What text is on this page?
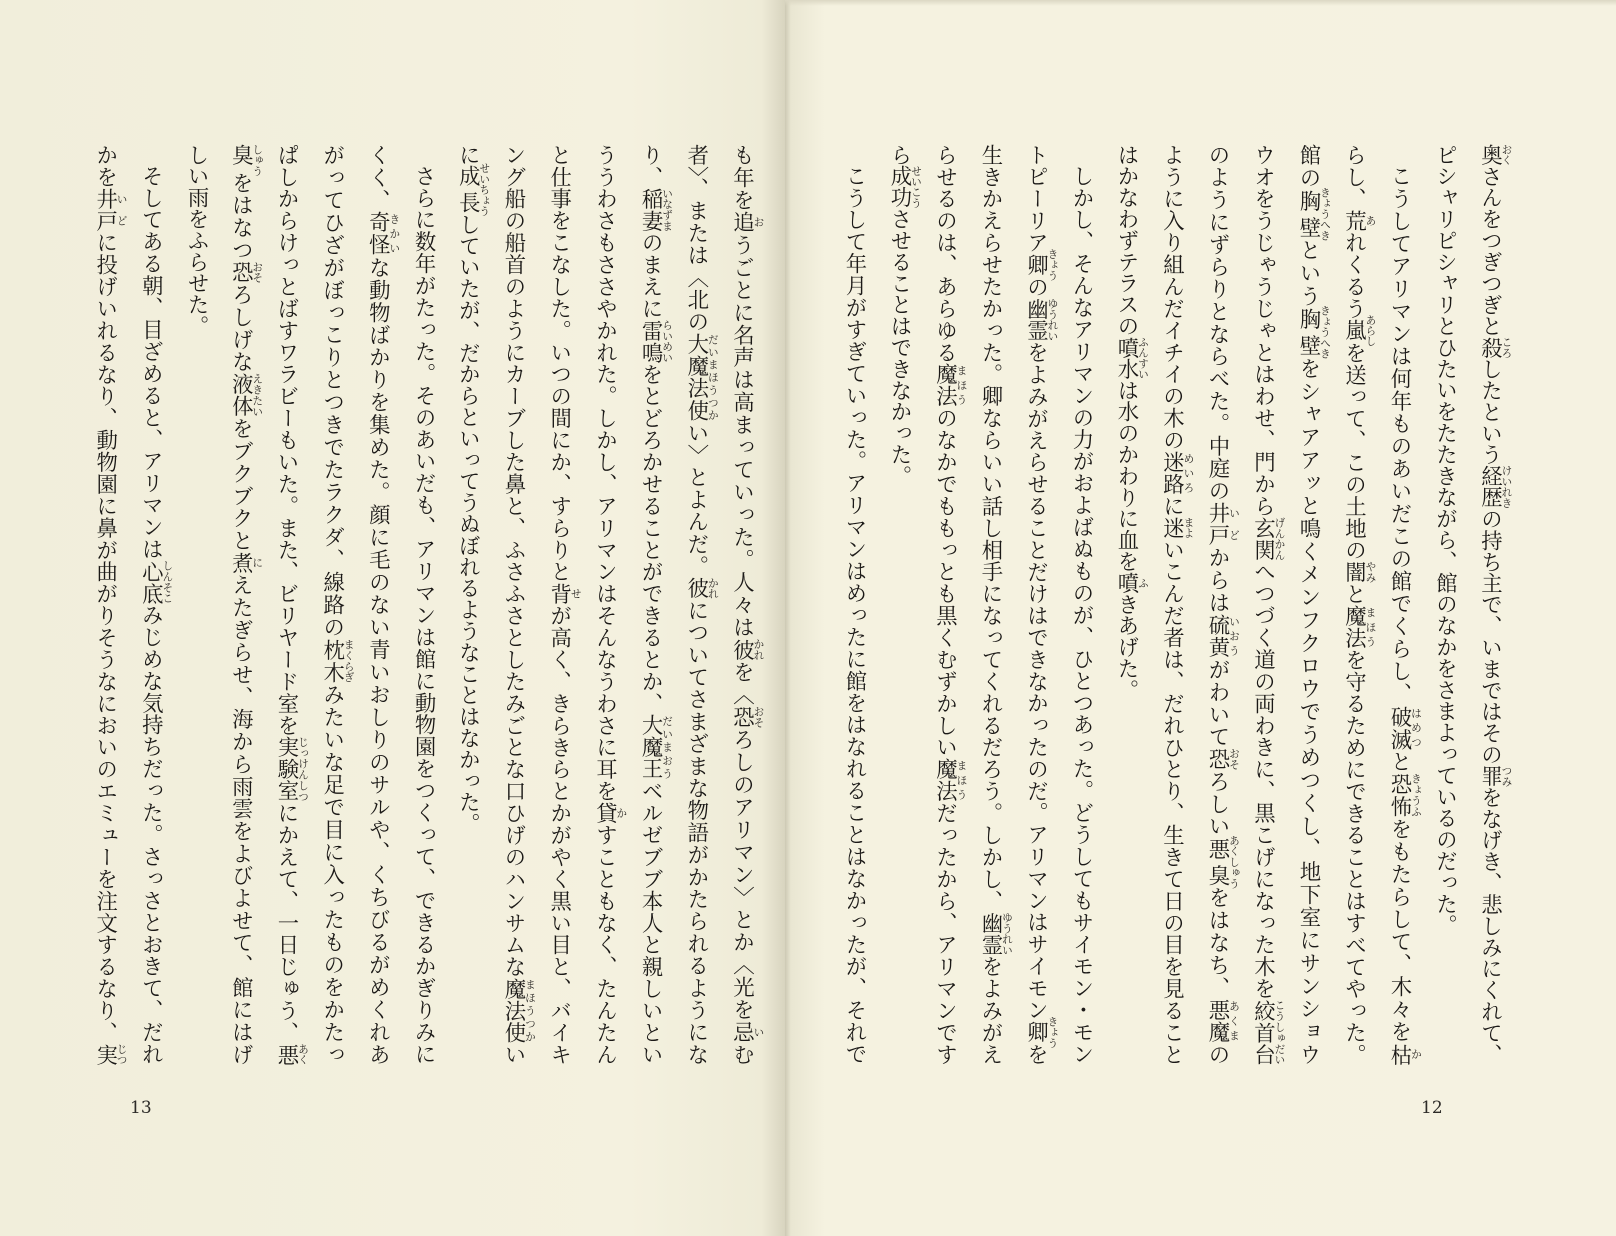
も年を追おうごとに名声は高まっていった。人々は彼かれを〈恐おそろしのアリマン〉とか〈光を忌いむ
者〉、または〈北の大魔法使だいまほうつかい〉とよんだ。彼かれについてさまざまな物語がかたられるようにな
り、稲妻いなずまのまえに雷鳴らいめいをとどろかせることができるとか、大魔王だいまおうベルゼブブ本人と親しいとい
ううわさもささやかれた。しかし、アリマンはそんなうわさに耳を貸かすこともなく、たんたん
と仕事をこなした。いつの間にか、すらりと背せが高く、きらきらとかがやく黒い目と、バイキ
ング船の船首のようにカーブした鼻と、ふさふさとしたみごとな口ひげのハンサムな魔法使まほうつかい
に成長せいちょうしていたが、だからといってうぬぼれるようなことはなかった。
さらに数年がたった。そのあいだも、アリマンは館に動物園をつくって、できるかぎりみに
くく、奇怪きかいな動物ばかりを集めた。顔に毛のない青いおしりのサルや、くちびるがめくれあ
がってひざがぼっこりとつきでたラクダ、線路の枕木まくらぎみたいな足で目に入ったものをかたっ
ぱしからけっとばすワラビーもいた。また、ビリヤード室を実験室じっけんしつにかえて、一日じゅう、悪あく
臭しゅうをはなつ恐おそろしげな液体えきたいをブクブクと煮にえたぎらせ、海から雨雲をよびよせて、館にはげ
しい雨をふらせた。
そしてある朝、目ざめると、アリマンは心底しんそこみじめな気持ちだった。さっさとおきて、だれ
かを井戸いどに投げいれるなり、動物園に鼻が曲がりそうなにおいのエミューを注文するなり、実じつ
13
奥おくさんをつぎつぎと殺ころしたという経歴けいれきの持ち主で、いまではその罪つみをなげき、悲しみにくれて、
ピシャリピシャリとひたいをたたきながら、館のなかをさまよっているのだった。
こうしてアリマンは何年ものあいだこの館でくらし、破滅はめつと恐怖きょうふをもたらして、木々を枯か
らし、荒あれくるう嵐あらしを送って、この土地の闇やみと魔法まほうを守るためにできることはすべてやった。
館の胸壁きょうへきという胸壁きょうへきをシャアアッと鳴くメンフクロウでうめつくし、地下室にサンショウ
ウオをうじゃうじゃとはわせ、門から玄関げんかんへつづく道の両わきに、黒こげになった木を絞首台こうしゅだい
のようにずらりとならべた。中庭の井戸いどからは硫黄いおうがわいて恐おそろしい悪臭あくしゅうをはなち、悪魔あくまの
ように入り組んだイチイの木の迷路めいろに迷まよいこんだ者は、だれひとり、生きて日の目を見ること
はかなわずテラスの噴水ふんすいは水のかわりに血を噴ふきあげた。
しかし、そんなアリマンの力がおよばぬものが、ひとつあった。どうしてもサイモン・モン
トピーリア卿きょうの幽霊ゆうれいをよみがえらせることだけはできなかったのだ。アリマンはサイモン卿きょうを
生きかえらせたかった。卿ならいい話し相手になってくれるだろう。しかし、幽霊ゆうれいをよみがえ
らせるのは、あらゆる魔法まほうのなかでももっとも黒くむずかしい魔法まほうだったから、アリマンです
ら成功せいこうさせることはできなかった。
こうして年月がすぎていった。アリマンはめったに館をはなれることはなかったが、それで
12
